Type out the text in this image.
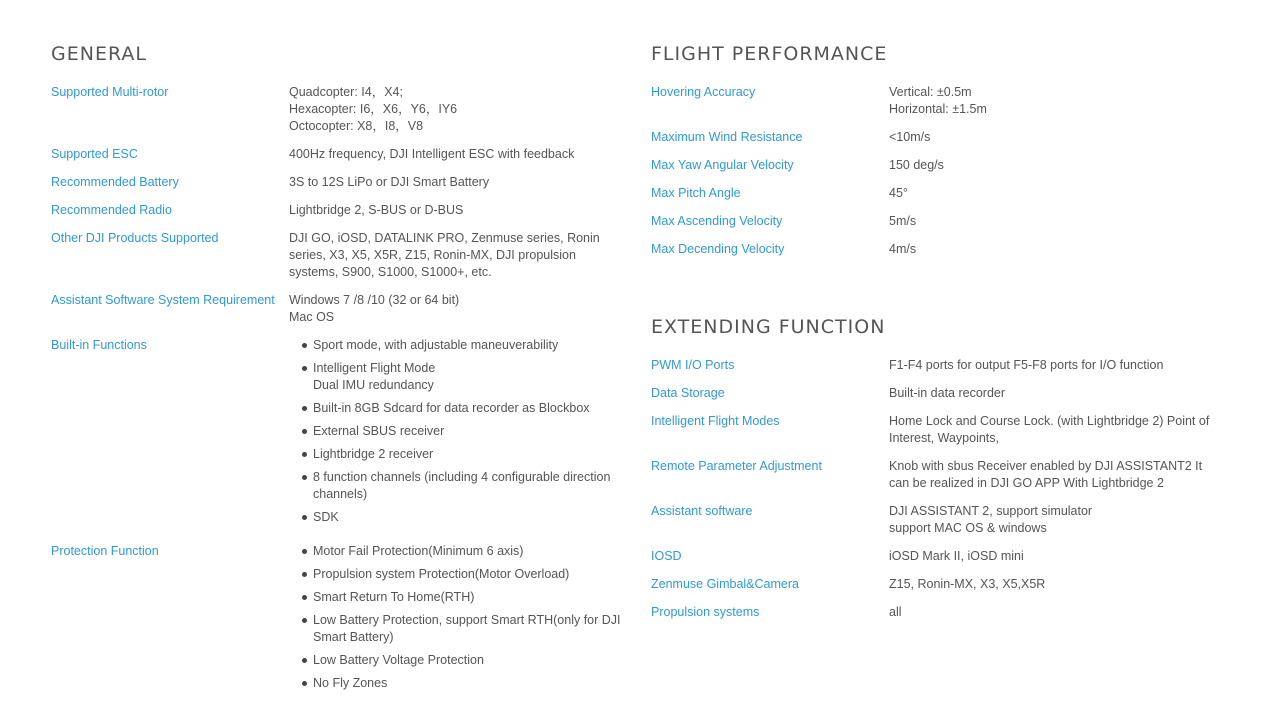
GENERAL
Supported Multi-rotor	Quadcopter: I4，X4;
Hexacopter: I6，X6，Y6，IY6
Octocopter: X8，I8，V8
Supported ESC	400Hz frequency, DJI Intelligent ESC with feedback
Recommended Battery	3S to 12S LiPo or DJI Smart Battery
Recommended Radio	Lightbridge 2, S-BUS or D-BUS
Other DJI Products Supported	DJI GO, iOSD, DATALINK PRO, Zenmuse series, Ronin series, X3, X5, X5R, Z15, Ronin-MX, DJI propulsion systems, S900, S1000, S1000+, etc.
Assistant Software System Requirement	Windows 7 /8 /10 (32 or 64 bit)
Mac OS
Built-in Functions	Sport mode, with adjustable maneuverability
Intelligent Flight Mode
Dual IMU redundancy
Built-in 8GB Sdcard for data recorder as Blockbox
External SBUS receiver
Lightbridge 2 receiver
8 function channels (including 4 configurable direction channels)
SDK
Protection Function	Motor Fail Protection(Minimum 6 axis)
Propulsion system Protection(Motor Overload)
Smart Return To Home(RTH)
Low Battery Protection, support Smart RTH(only for DJI Smart Battery)
Low Battery Voltage Protection
No Fly Zones
FLIGHT PERFORMANCE
Hovering Accuracy	Vertical: ±0.5m
Horizontal: ±1.5m
Maximum Wind Resistance	<10m/s
Max Yaw Angular Velocity	150 deg/s
Max Pitch Angle	45°
Max Ascending Velocity	5m/s
Max Decending Velocity	4m/s
EXTENDING FUNCTION
PWM I/O Ports	F1-F4 ports for output F5-F8 ports for I/O function
Data Storage	Built-in data recorder
Intelligent Flight Modes	Home Lock and Course Lock. (with Lightbridge 2) Point of Interest, Waypoints,
Remote Parameter Adjustment	Knob with sbus Receiver enabled by DJI ASSISTANT2 It can be realized in DJI GO APP With Lightbridge 2
Assistant software	DJI ASSISTANT 2, support simulator
support MAC OS & windows
IOSD	iOSD Mark II, iOSD mini
Zenmuse Gimbal&Camera	Z15, Ronin-MX, X3, X5,X5R
Propulsion systems	all
